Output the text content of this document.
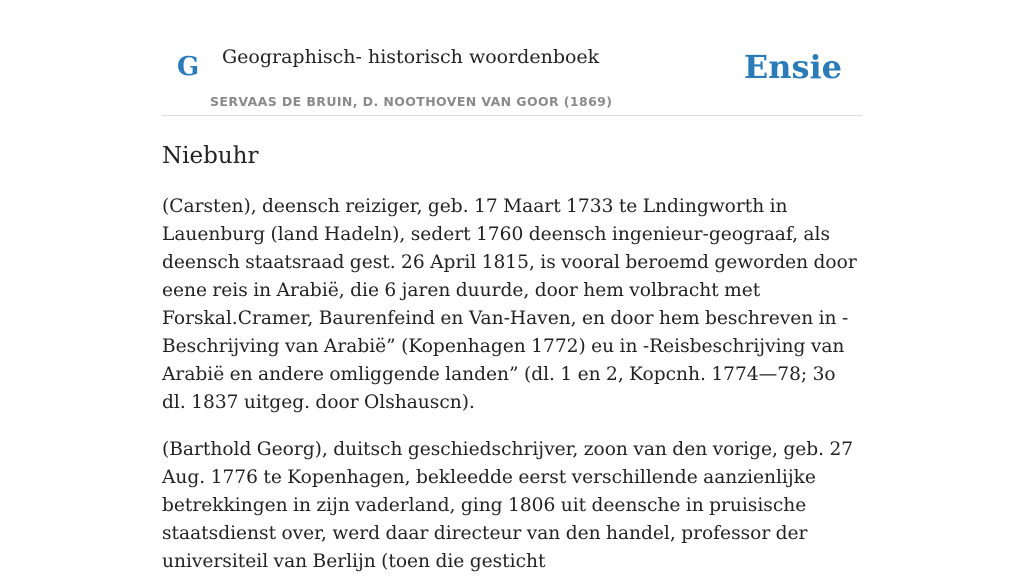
G Geographisch- historisch woordenboek
SERVAAS DE BRUIN, D. NOOTHOVEN VAN GOOR (1869)
Ensie
Niebuhr

(Carsten), deensch reiziger, geb. 17 Maart 1733 te Lndingworth in Lauenburg (land Hadeln), sedert 1760 deensch ingenieur-geograaf, als deensch staatsraad gest. 26 April 1815, is vooral beroemd geworden door eene reis in Arabië, die 6 jaren duurde, door hem volbracht met Forskal.Cramer, Baurenfeind en Van-Haven, en door hem beschreven in -Beschrijving van Arabië” (Kopenhagen 1772) eu in -Reisbeschrijving van Arabië en andere omliggende landen” (dl. 1 en 2, Kopcnh. 1774—78; 3o dl. 1837 uitgeg. door Olshauscn).

(Barthold Georg), duitsch geschiedschrijver, zoon van den vorige, geb. 27 Aug. 1776 te Kopenhagen, bekleedde eerst verschillende aanzienlijke betrekkingen in zijn vaderland, ging 1806 uit deensche in pruisische staatsdienst over, werd daar directeur van den handel, professor der universiteil van Berlijn (toen die gesticht
